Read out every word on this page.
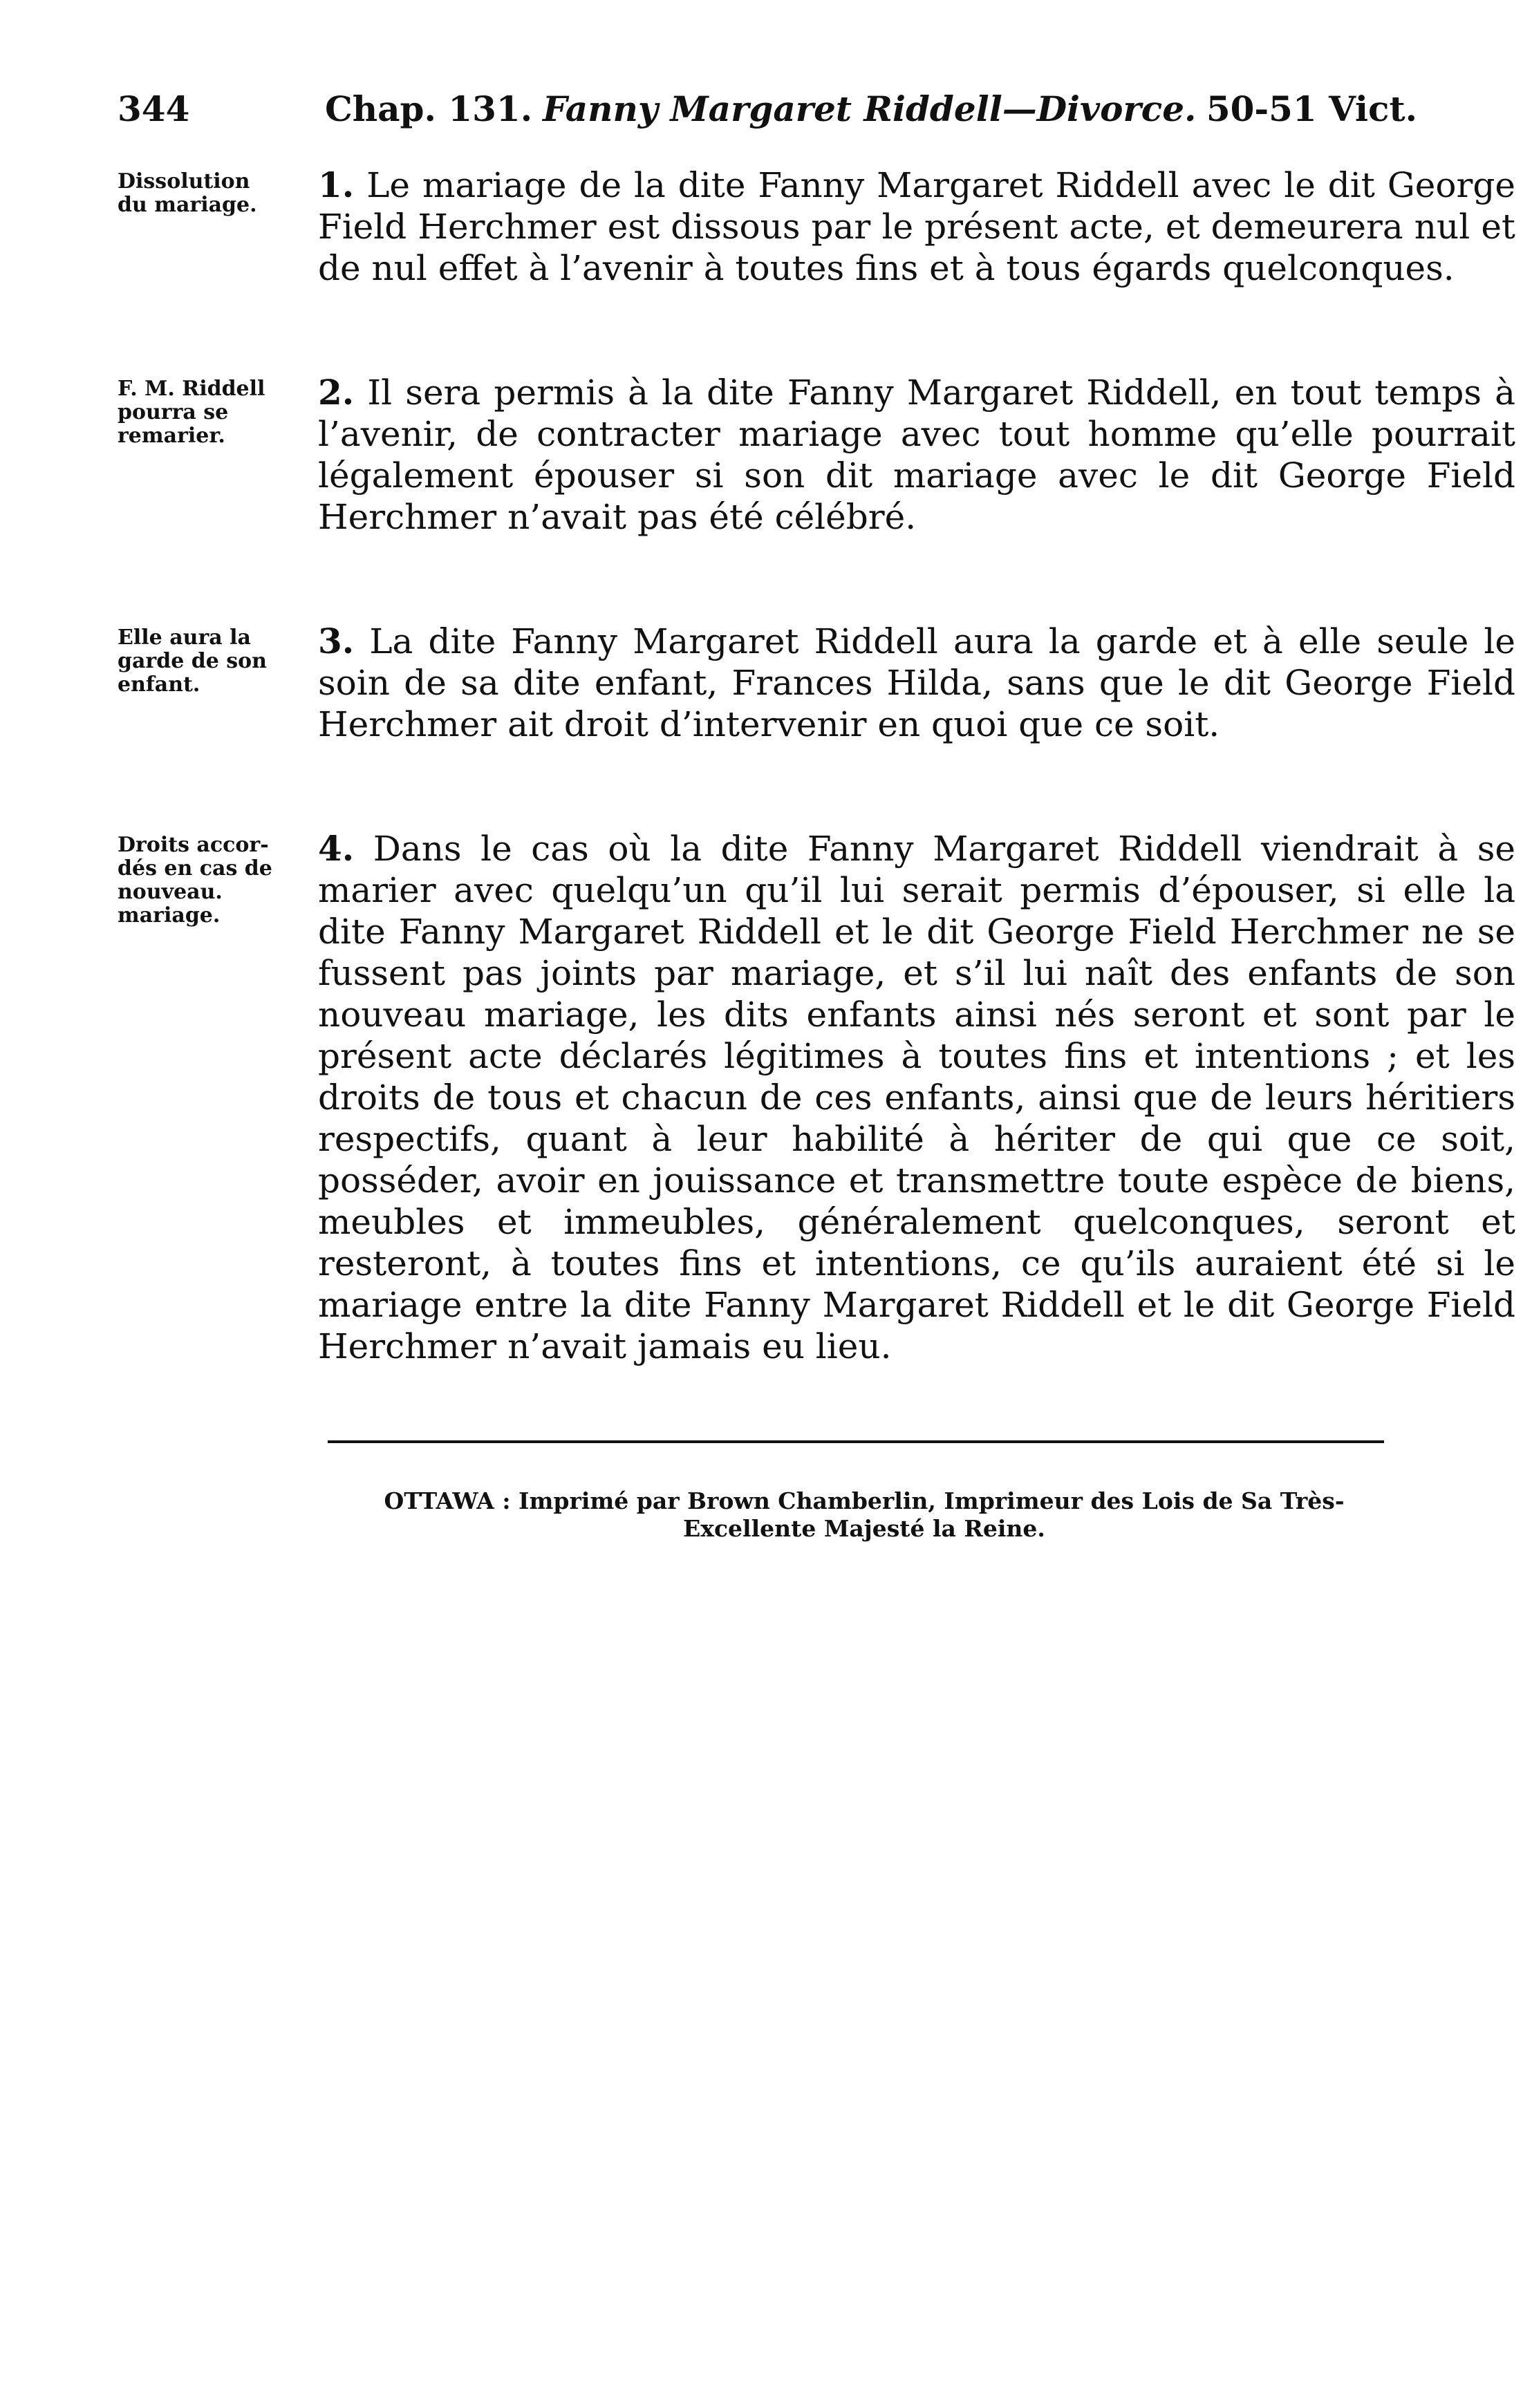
344	Chap. 131. Fanny Margaret Riddell—Divorce. 50-51 Vict.
Dissolution
du mariage.	1. Le mariage de la dite Fanny Margaret Riddell avec le dit George Field Herchmer est dissous par le présent acte, et demeurera nul et de nul effet à l’avenir à toutes fins et à tous égards quelconques.
F. M. Riddell
pourra se
remarier.
2. Il sera permis à la dite Fanny Margaret Riddell, en tout temps à l’avenir, de contracter mariage avec tout homme qu’elle pourrait légalement épouser si son dit mariage avec le dit George Field Herchmer n’avait pas été célébré.
Elle aura la
garde de son
enfant.
3. La dite Fanny Margaret Riddell aura la garde et à elle seule le soin de sa dite enfant, Frances Hilda, sans que le dit George Field Herchmer ait droit d’intervenir en quoi que ce soit.
Droits accor-
dés en cas de
nouveau.
mariage.
4. Dans le cas où la dite Fanny Margaret Riddell viendrait à se marier avec quelqu’un qu’il lui serait permis d’épouser, si elle la dite Fanny Margaret Riddell et le dit George Field Herchmer ne se fussent pas joints par mariage, et s’il lui naît des enfants de son nouveau mariage, les dits enfants ainsi nés seront et sont par le présent acte déclarés légitimes à toutes fins et intentions ; et les droits de tous et chacun de ces enfants, ainsi que de leurs héritiers respectifs, quant à leur habilité à hériter de qui que ce soit, posséder, avoir en jouissance et transmettre toute espèce de biens, meubles et immeubles, généralement quelconques, seront et resteront, à toutes fins et intentions, ce qu’ils auraient été si le mariage entre la dite Fanny Margaret Riddell et le dit George Field Herchmer n’avait jamais eu lieu.
OTTAWA : Imprimé par Brown Chamberlin, Imprimeur des Lois de Sa Très-Excellente Majesté la Reine.
